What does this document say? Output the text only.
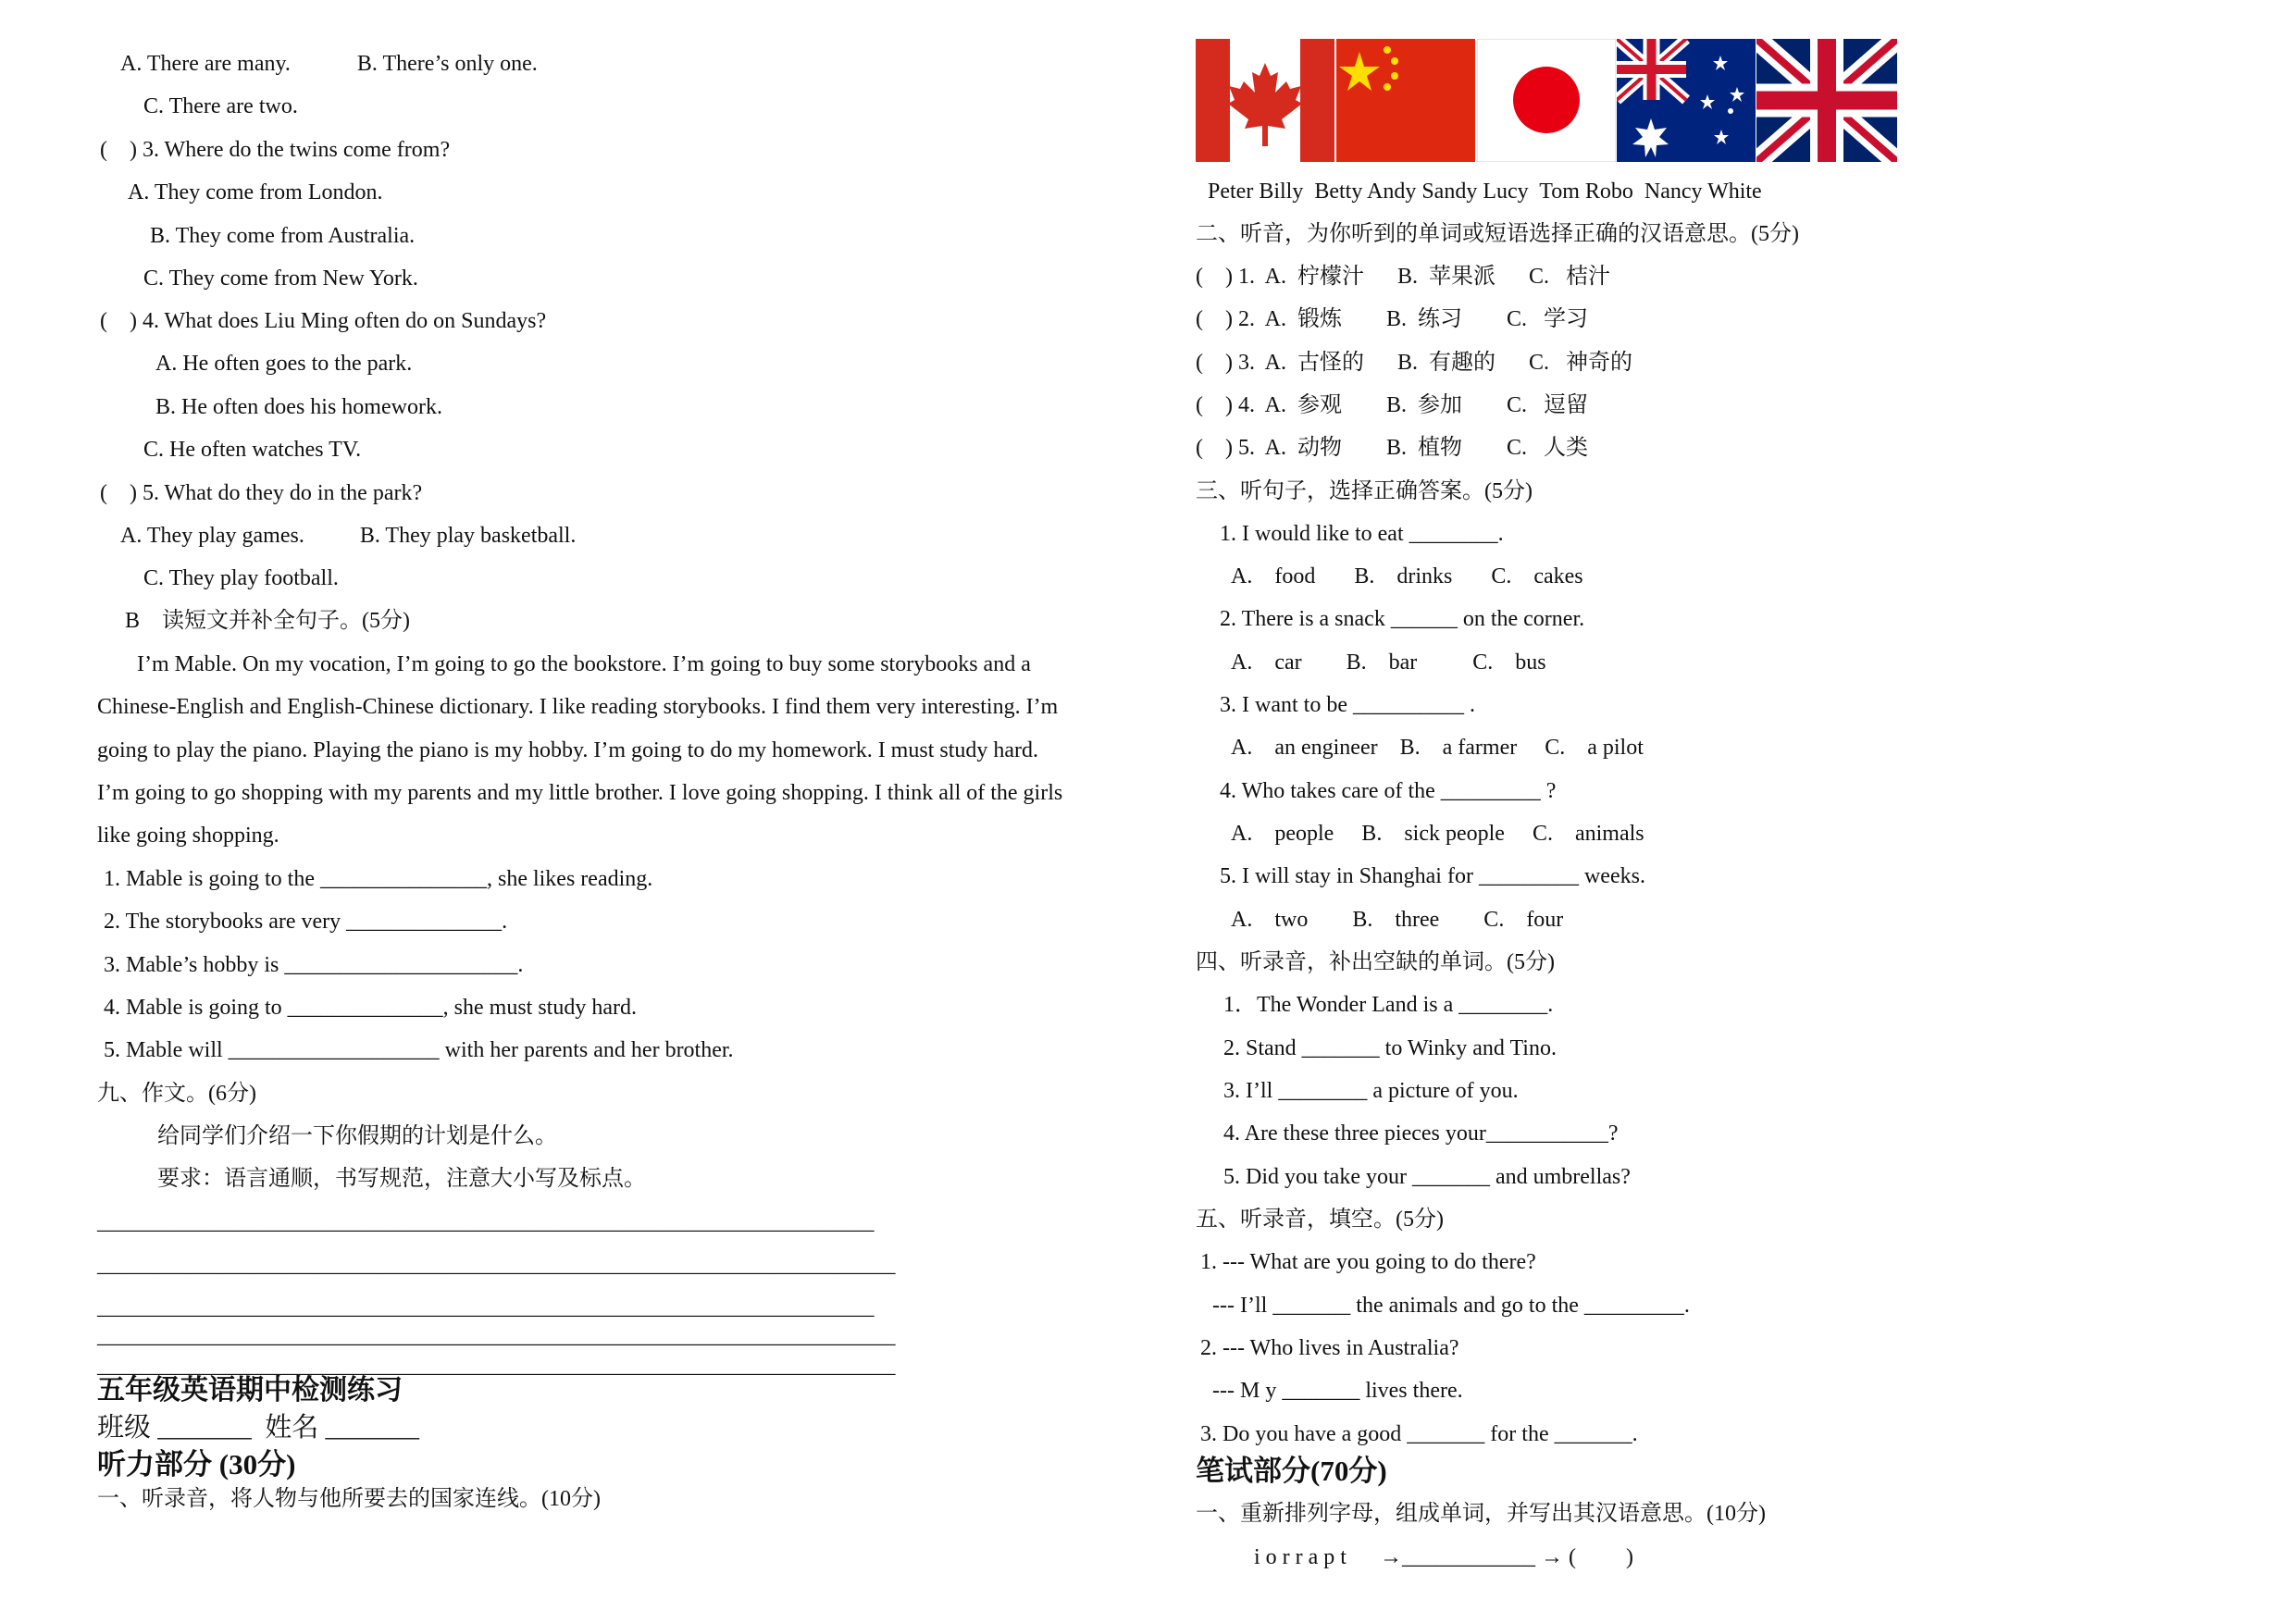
A. There are many.            B. There’s only one.
C. There are two.
(    ) 3. Where do the twins come from?
A. They come from London.
B. They come from Australia.
C. They come from New York.
(    ) 4. What does Liu Ming often do on Sundays?
A. He often goes to the park.
B. He often does his homework.
C. He often watches TV.
(    ) 5. What do they do in the park?
A. They play games.          B. They play basketball.
C. They play football.
B    读短文并补全句子。(5分)
I’m Mable. On my vocation, I’m going to go the bookstore. I’m going to buy some storybooks and a
Chinese-English and English-Chinese dictionary. I like reading storybooks. I find them very interesting. I’m
going to play the piano. Playing the piano is my hobby. I’m going to do my homework. I must study hard.
I’m going to go shopping with my parents and my little brother. I love going shopping. I think all of the girls
like going shopping.
1. Mable is going to the _______________, she likes reading.
2. The storybooks are very ______________.
3. Mable’s hobby is _____________________.
4. Mable is going to ______________, she must study hard.
5. Mable will ___________________ with her parents and her brother.
九、作文。(6分)
给同学们介绍一下你假期的计划是什么。
要求：语言通顺，书写规范，注意大小写及标点。
_________________________________________________________________________
___________________________________________________________________________
_________________________________________________________________________
___________________________________________________________________________
___________________________________________________________________________
五年级英语期中检测练习
班级 _______  姓名 _______
听力部分 (30分)
一、听录音，将人物与他所要去的国家连线。(10分)
Peter Billy  Betty Andy Sandy Lucy  Tom Robo  Nancy White
二、听音，为你听到的单词或短语选择正确的汉语意思。(5分)
(    ) 1.  A.  柠檬汁      B.  苹果派      C.   桔汁
(    ) 2.  A.  锻炼        B.  练习        C.   学习
(    ) 3.  A.  古怪的      B.  有趣的      C.   神奇的
(    ) 4.  A.  参观        B.  参加        C.   逗留
(    ) 5.  A.  动物        B.  植物        C.   人类
三、听句子，选择正确答案。(5分)
1. I would like to eat ________.
A.    food       B.    drinks       C.    cakes
2. There is a snack ______ on the corner.
A.    car        B.    bar          C.    bus
3. I want to be __________ .
A.    an engineer    B.    a farmer     C.    a pilot
4. Who takes care of the _________ ?
A.    people     B.    sick people     C.    animals
5. I will stay in Shanghai for _________ weeks.
A.    two        B.    three        C.    four
四、听录音，补出空缺的单词。(5分)
1．The Wonder Land is a ________.
2. Stand _______ to Winky and Tino.
3. I’ll ________ a picture of you.
4. Are these three pieces your___________?
5. Did you take your _______ and umbrellas?
五、听录音，填空。(5分)
1. --- What are you going to do there?
--- I’ll _______ the animals and go to the _________.
2. --- Who lives in Australia?
--- M y _______ lives there.
3. Do you have a good _______ for the _______.
笔试部分(70分)
一、重新排列字母，组成单词，并写出其汉语意思。(10分)
i o r r a p t      →____________ → (         )
